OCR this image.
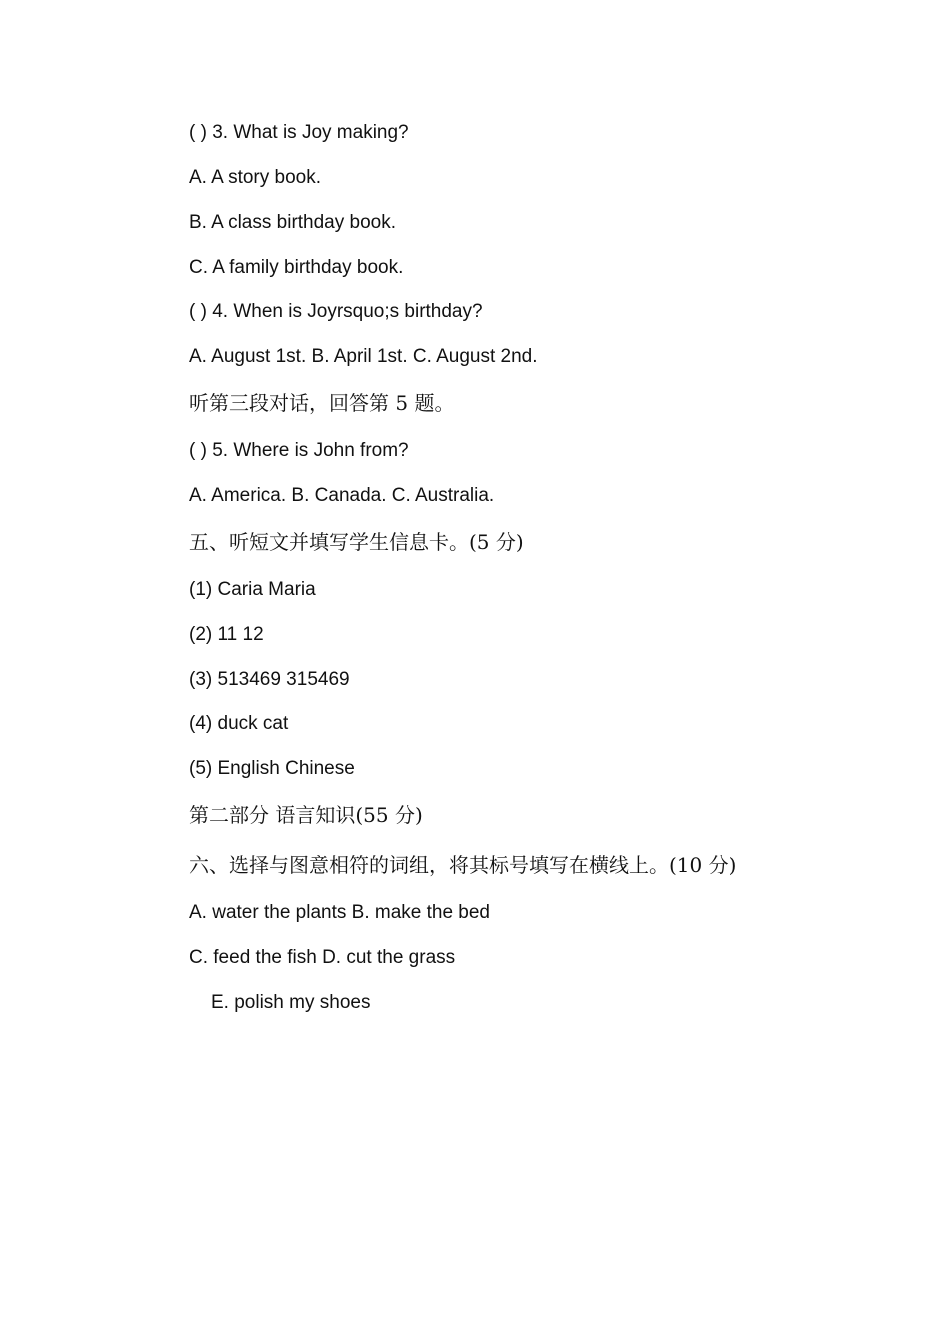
( ) 3. What is Joy making?

A. A story book.

B. A class birthday book.

C. A family birthday book.

( ) 4. When is Joyrsquo;s birthday?

A. August 1st. B. April 1st. C. August 2nd.

听第三段对话，回答第 5 题。

( ) 5. Where is John from?

A. America. B. Canada. C. Australia.

五、听短文并填写学生信息卡。(5 分)

(1) Caria Maria

(2) 11 12

(3) 513469 315469

(4) duck cat

(5) English Chinese

第二部分 语言知识(55 分)

六、选择与图意相符的词组，将其标号填写在横线上。(10 分)

A. water the plants B. make the bed

C. feed the fish D. cut the grass

E. polish my shoes
